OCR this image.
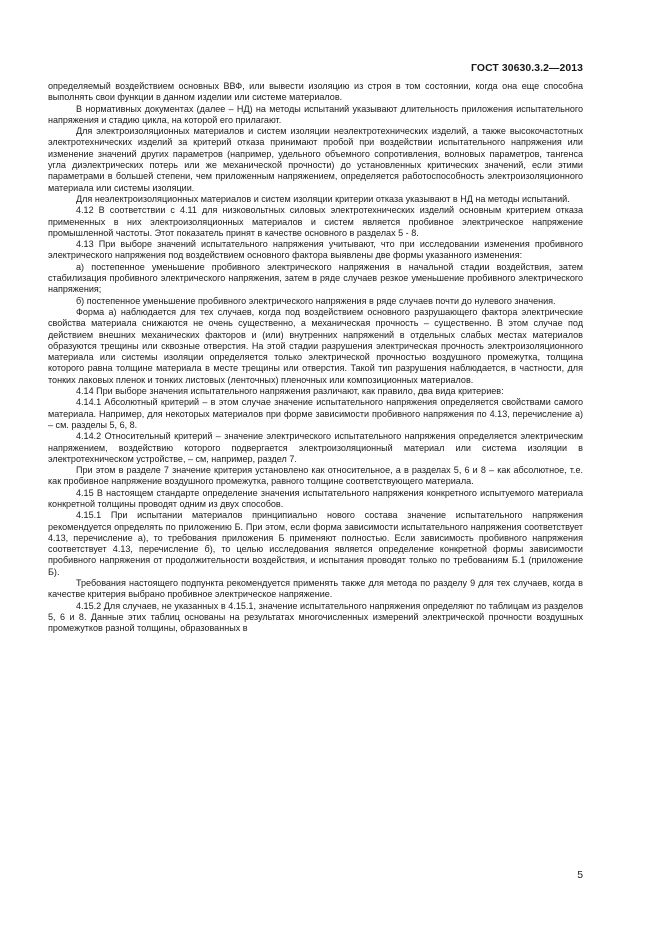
ГОСТ 30630.3.2—2013

определяемый воздействием основных ВВФ, или вывести изоляцию из строя в том состоянии, когда она еще способна выполнять свои функции в данном изделии или системе материалов.

В нормативных документах (далее – НД) на методы испытаний указывают длительность приложения испытательного напряжения и стадию цикла, на которой его прилагают.

Для электроизоляционных материалов и систем изоляции неэлектротехнических изделий, а также высокочастотных электротехнических изделий за критерий отказа принимают пробой при воздействии испытательного напряжения или изменение значений других параметров (например, удельного объемного сопротивления, волновых параметров, тангенса угла диэлектрических потерь или же механической прочности) до установленных критических значений, если этими параметрами в большей степени, чем приложенным напряжением, определяется работоспособность электроизоляционного материала или системы изоляции.

Для неэлектроизоляционных материалов и систем изоляции критерии отказа указывают в НД на методы испытаний.

4.12 В соответствии с 4.11 для низковольтных силовых электротехнических изделий основным критерием отказа примененных в них электроизоляционных материалов и систем является пробивное электрическое напряжение промышленной частоты. Этот показатель принят в качестве основного в разделах 5 - 8.

4.13 При выборе значений испытательного напряжения учитывают, что при исследовании изменения пробивного электрического напряжения под воздействием основного фактора выявлены две формы указанного изменения:

а) постепенное уменьшение пробивного электрического напряжения в начальной стадии воздействия, затем стабилизация пробивного электрического напряжения, затем в ряде случаев резкое уменьшение пробивного электрического напряжения;

б) постепенное уменьшение пробивного электрического напряжения в ряде случаев почти до нулевого значения.

Форма а) наблюдается для тех случаев, когда под воздействием основного разрушающего фактора электрические свойства материала снижаются не очень существенно, а механическая прочность – существенно. В этом случае под действием внешних механических факторов и (или) внутренних напряжений в отдельных слабых местах материалов образуются трещины или сквозные отверстия. На этой стадии разрушения электрическая прочность электроизоляционного материала или системы изоляции определяется только электрической прочностью воздушного промежутка, толщина которого равна толщине материала в месте трещины или отверстия. Такой тип разрушения наблюдается, в частности, для тонких лаковых пленок и тонких листовых (ленточных) пленочных или композиционных материалов.

4.14 При выборе значения испытательного напряжения различают, как правило, два вида критериев:

4.14.1 Абсолютный критерий – в этом случае значение испытательного напряжения определяется свойствами самого материала. Например, для некоторых материалов при форме зависимости пробивного напряжения по 4.13, перечисление а) – см. разделы 5, 6, 8.

4.14.2 Относительный критерий – значение электрического испытательного напряжения определяется электрическим напряжением, воздействию которого подвергается электроизоляционный материал или система изоляции в электротехническом устройстве, – см, например, раздел 7.

При этом в разделе 7 значение критерия установлено как относительное, а в разделах 5, 6 и 8 – как абсолютное, т.е. как пробивное напряжение воздушного промежутка, равного толщине соответствующего материала.

4.15 В настоящем стандарте определение значения испытательного напряжения конкретного испытуемого материала конкретной толщины проводят одним из двух способов.

4.15.1 При испытании материалов принципиально нового состава значение испытательного напряжения рекомендуется определять по приложению Б. При этом, если форма зависимости испытательного напряжения соответствует 4.13, перечисление а), то требования приложения Б применяют полностью. Если зависимость пробивного напряжения соответствует 4.13, перечисление б), то целью исследования является определение конкретной формы зависимости пробивного напряжения от продолжительности воздействия, и испытания проводят только по требованиям Б.1 (приложение Б).

Требования настоящего подпункта рекомендуется применять также для метода по разделу 9 для тех случаев, когда в качестве критерия выбрано пробивное электрическое напряжение.

4.15.2 Для случаев, не указанных в 4.15.1, значение испытательного напряжения определяют по таблицам из разделов 5, 6 и 8. Данные этих таблиц основаны на результатах многочисленных измерений электрической прочности воздушных промежутков разной толщины, образованных в

5
